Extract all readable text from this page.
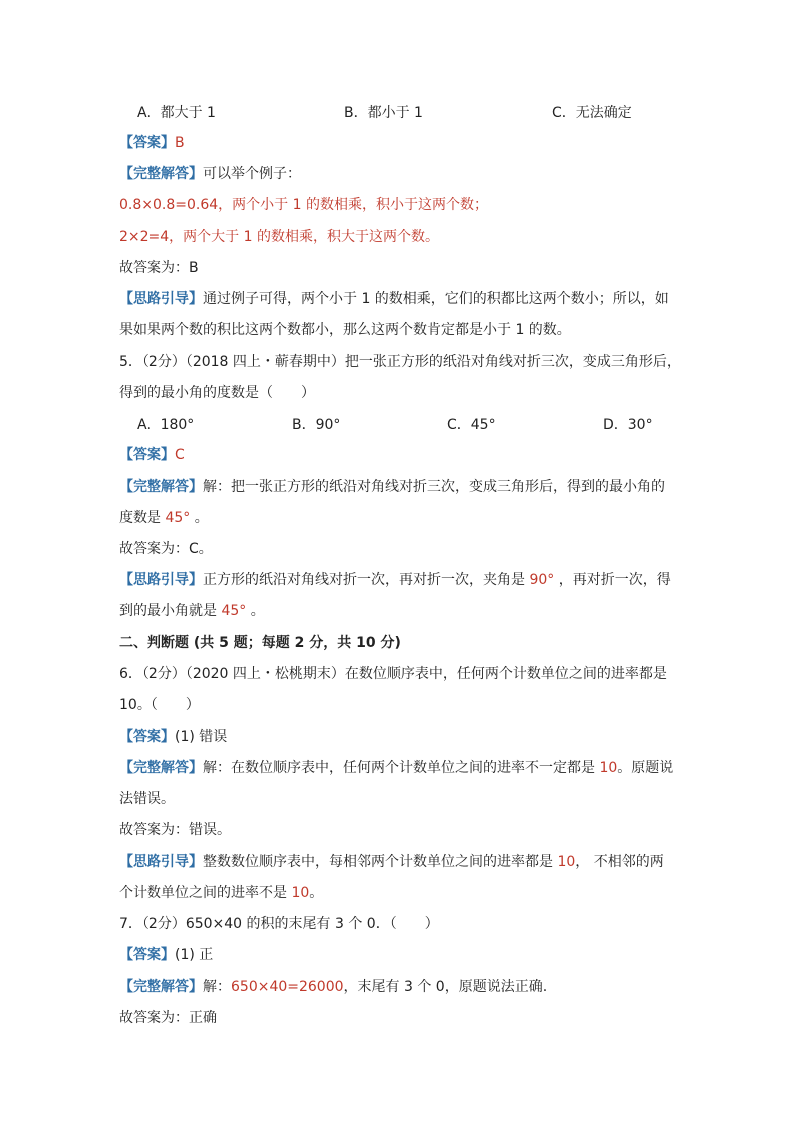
A．都大于 1	B．都小于 1	C．无法确定
【答案】B
【完整解答】可以举个例子：
0.8×0.8=0.64，两个小于 1 的数相乘，积小于这两个数；
2×2=4，两个大于 1 的数相乘，积大于这两个数。
故答案为：B
【思路引导】通过例子可得，两个小于 1 的数相乘，它们的积都比这两个数小；所以，如
果如果两个数的积比这两个数都小，那么这两个数肯定都是小于 1 的数。
5．（2分）（2018 四上・蕲春期中）把一张正方形的纸沿对角线对折三次，变成三角形后，
得到的最小角的度数是（　　）
A．180°	B．90°	C．45°	D．30°
【答案】C
【完整解答】解：把一张正方形的纸沿对角线对折三次，变成三角形后，得到的最小角的
度数是 45° 。
故答案为：C。
【思路引导】正方形的纸沿对角线对折一次，再对折一次，夹角是 90° ，再对折一次，得
到的最小角就是 45° 。
二、判断题 (共 5 题；每题 2 分，共 10 分)
6．（2分）（2020 四上・松桃期末）在数位顺序表中，任何两个计数单位之间的进率都是
10。（　　）
【答案】(1) 错误
【完整解答】解：在数位顺序表中，任何两个计数单位之间的进率不一定都是 10。原题说
法错误。
故答案为：错误。
【思路引导】整数数位顺序表中，每相邻两个计数单位之间的进率都是 10， 不相邻的两
个计数单位之间的进率不是 10。
7．（2分）650×40 的积的末尾有 3 个 0．（　　）
【答案】(1) 正
【完整解答】解：650×40=26000，末尾有 3 个 0，原题说法正确.
故答案为：正确
